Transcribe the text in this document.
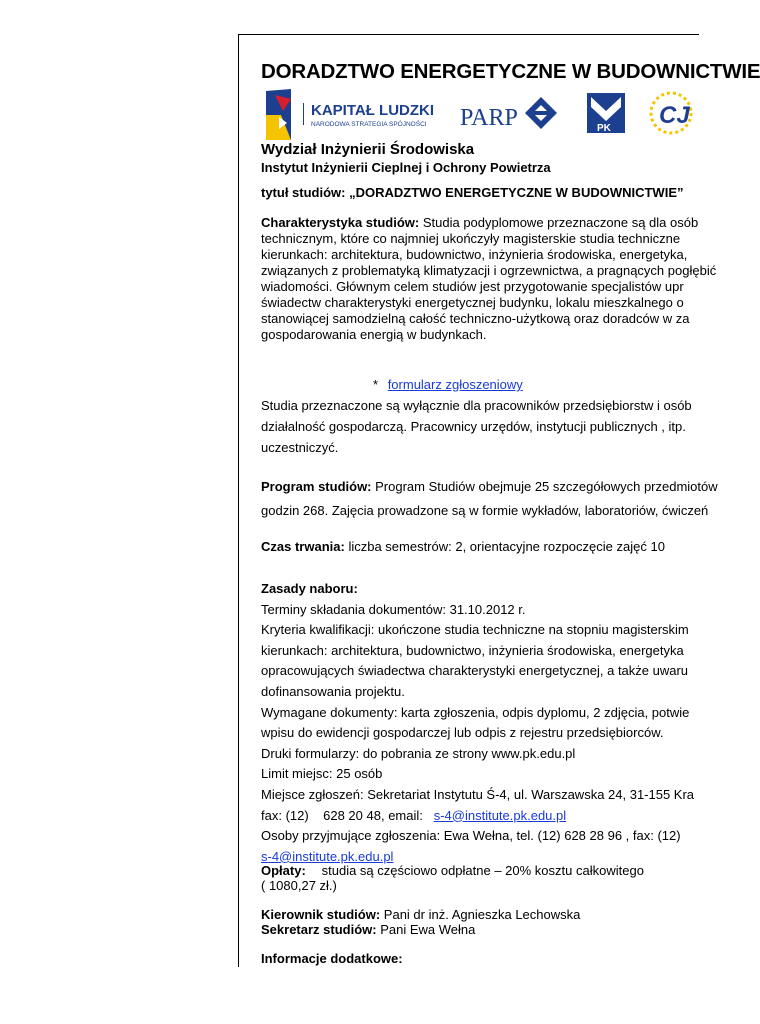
DORADZTWO ENERGETYCZNE W BUDOWNICTWIE
KAPITAŁ LUDZKI
NARODOWA STRATEGIA SPÓJNOŚCI PARP	PK CJ
Wydział Inżynierii Środowiska
Instytut Inżynierii Cieplnej i Ochrony Powietrza
tytuł studiów: „DORADZTWO ENERGETYCZNE W BUDOWNICTWIE”
Charakterystyka studiów: Studia podyplomowe przeznaczone są dla osób
technicznym, które co najmniej ukończyły magisterskie studia techniczne
kierunkach: architektura, budownictwo, inżynieria środowiska, energetyka,
związanych z problematyką klimatyzacji i ogrzewnictwa, a pragnących pogłębić
wiadomości. Głównym celem studiów jest przygotowanie specjalistów upr
świadectw charakterystyki energetycznej budynku, lokalu mieszkalnego o
stanowiącej samodzielną całość techniczno-użytkową oraz doradców w za
gospodarowania energią w budynkach.
* formularz zgłoszeniowy
Studia przeznaczone są wyłącznie dla pracowników przedsiębiorstw i osób
działalność gospodarczą. Pracownicy urzędów, instytucji publicznych , itp.
uczestniczyć.
Program studiów: Program Studiów obejmuje 25 szczegółowych przedmiotów
godzin 268. Zajęcia prowadzone są w formie wykładów, laboratoriów, ćwiczeń
Czas trwania: liczba semestrów: 2, orientacyjne rozpoczęcie zajęć 10
Zasady naboru:
Terminy składania dokumentów: 31.10.2012 r.
Kryteria kwalifikacji: ukończone studia techniczne na stopniu magisterskim
kierunkach: architektura, budownictwo, inżynieria środowiska, energetyka
opracowujących świadectwa charakterystyki energetycznej, a także uwaru
dofinansowania projektu.
Wymagane dokumenty: karta zgłoszenia, odpis dyplomu, 2 zdjęcia, potwie
wpisu do ewidencji gospodarczej lub odpis z rejestru przedsiębiorców.
Druki formularzy: do pobrania ze strony www.pk.edu.pl
Limit miejsc: 25 osób
Miejsce zgłoszeń: Sekretariat Instytutu Ś-4, ul. Warszawska 24, 31-155 Kra
fax: (12)    628 20 48, email:   s-4@institute.pk.edu.pl
Osoby przyjmujące zgłoszenia: Ewa Wełna, tel. (12) 628 28 96 , fax: (12)
s-4@institute.pk.edu.pl
Opłaty: studia są częściowo odpłatne – 20% kosztu całkowitego
( 1080,27 zł.)
Kierownik studiów: Pani dr inż. Agnieszka Lechowska
Sekretarz studiów: Pani Ewa Wełna
Informacje dodatkowe:
